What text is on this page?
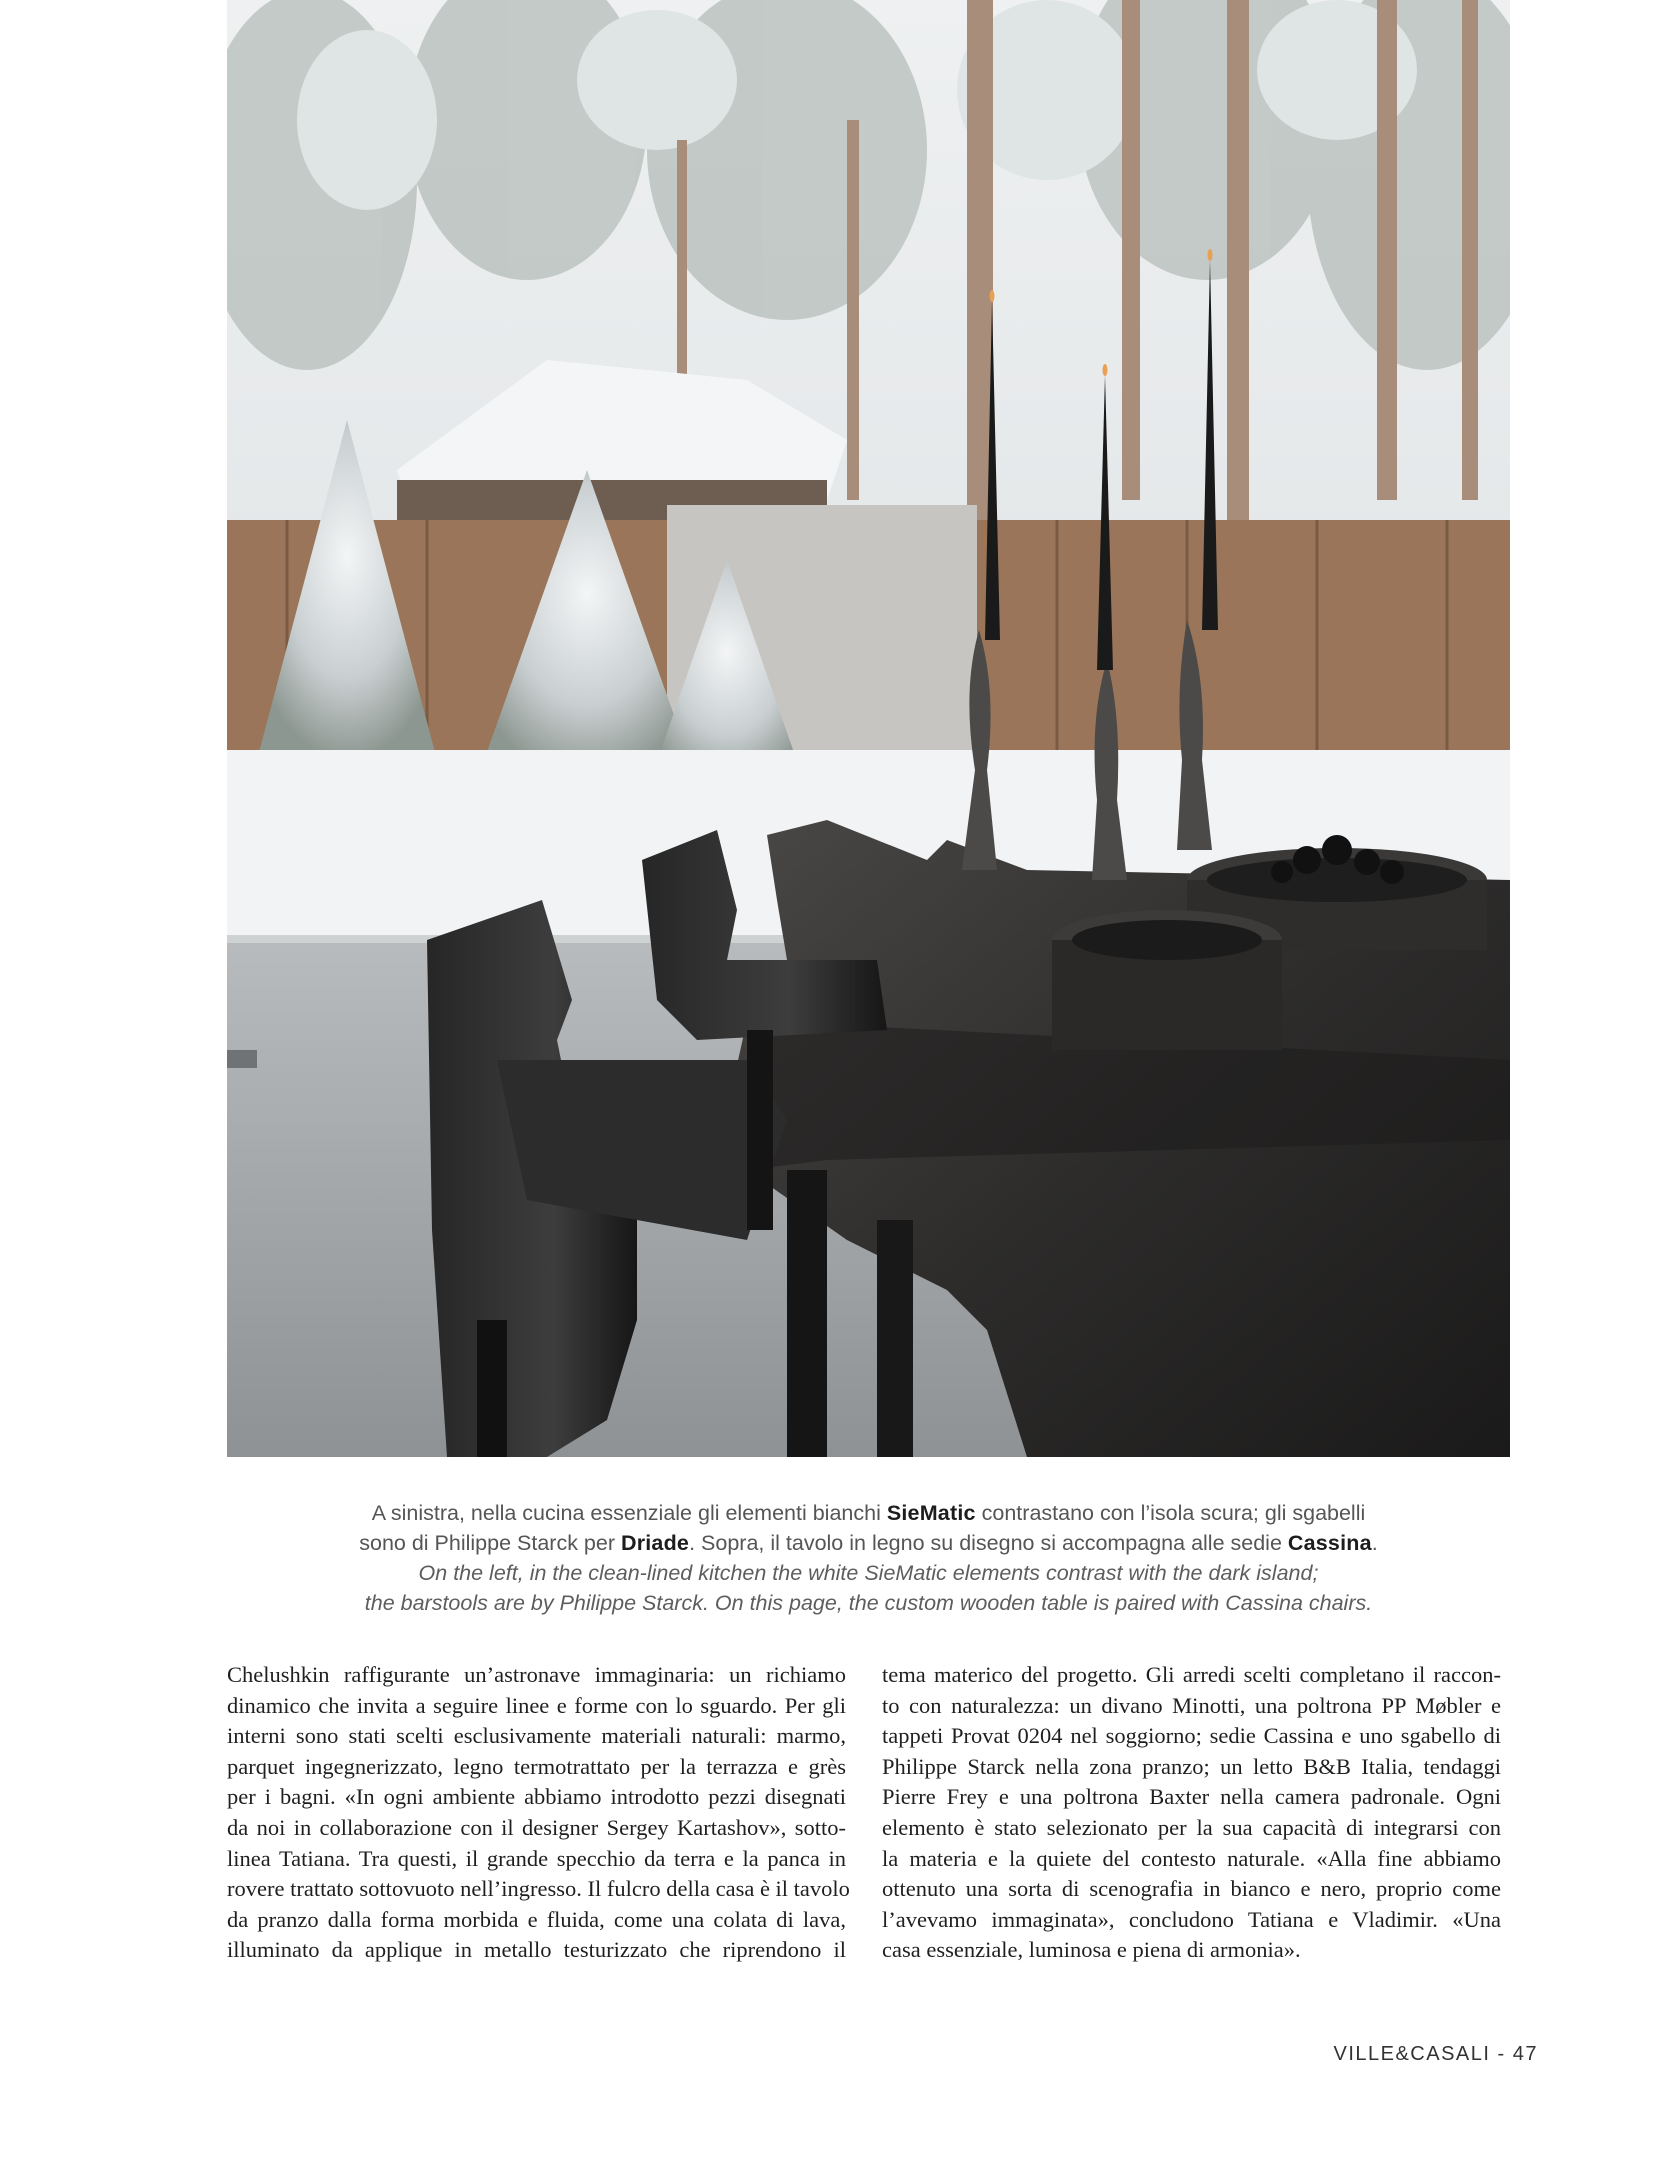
A sinistra, nella cucina essenziale gli elementi bianchi SieMatic contrastano con l’isola scura; gli sgabelli
sono di Philippe Starck per Driade. Sopra, il tavolo in legno su disegno si accompagna alle sedie Cassina.
On the left, in the clean-lined kitchen the white SieMatic elements contrast with the dark island;
the barstools are by Philippe Starck. On this page, the custom wooden table is paired with Cassina chairs.
Chelushkin raffigurante un’astronave immaginaria: un richiamo
dinamico che invita a seguire linee e forme con lo sguardo. Per gli
interni sono stati scelti esclusivamente materiali naturali: marmo,
parquet ingegnerizzato, legno termotrattato per la terrazza e grès
per i bagni. «In ogni ambiente abbiamo introdotto pezzi disegnati
da noi in collaborazione con il designer Sergey Kartashov», sotto-
linea Tatiana. Tra questi, il grande specchio da terra e la panca in
rovere trattato sottovuoto nell’ingresso. Il fulcro della casa è il tavolo
da pranzo dalla forma morbida e fluida, come una colata di lava,
illuminato da applique in metallo testurizzato che riprendono il
tema materico del progetto. Gli arredi scelti completano il raccon-
to con naturalezza: un divano Minotti, una poltrona PP Møbler e
tappeti Provat 0204 nel soggiorno; sedie Cassina e uno sgabello di
Philippe Starck nella zona pranzo; un letto B&B Italia, tendaggi
Pierre Frey e una poltrona Baxter nella camera padronale. Ogni
elemento è stato selezionato per la sua capacità di integrarsi con
la materia e la quiete del contesto naturale. «Alla fine abbiamo
ottenuto una sorta di scenografia in bianco e nero, proprio come
l’avevamo immaginata», concludono Tatiana e Vladimir. «Una
casa essenziale, luminosa e piena di armonia».
VILLE&CASALI - 47
